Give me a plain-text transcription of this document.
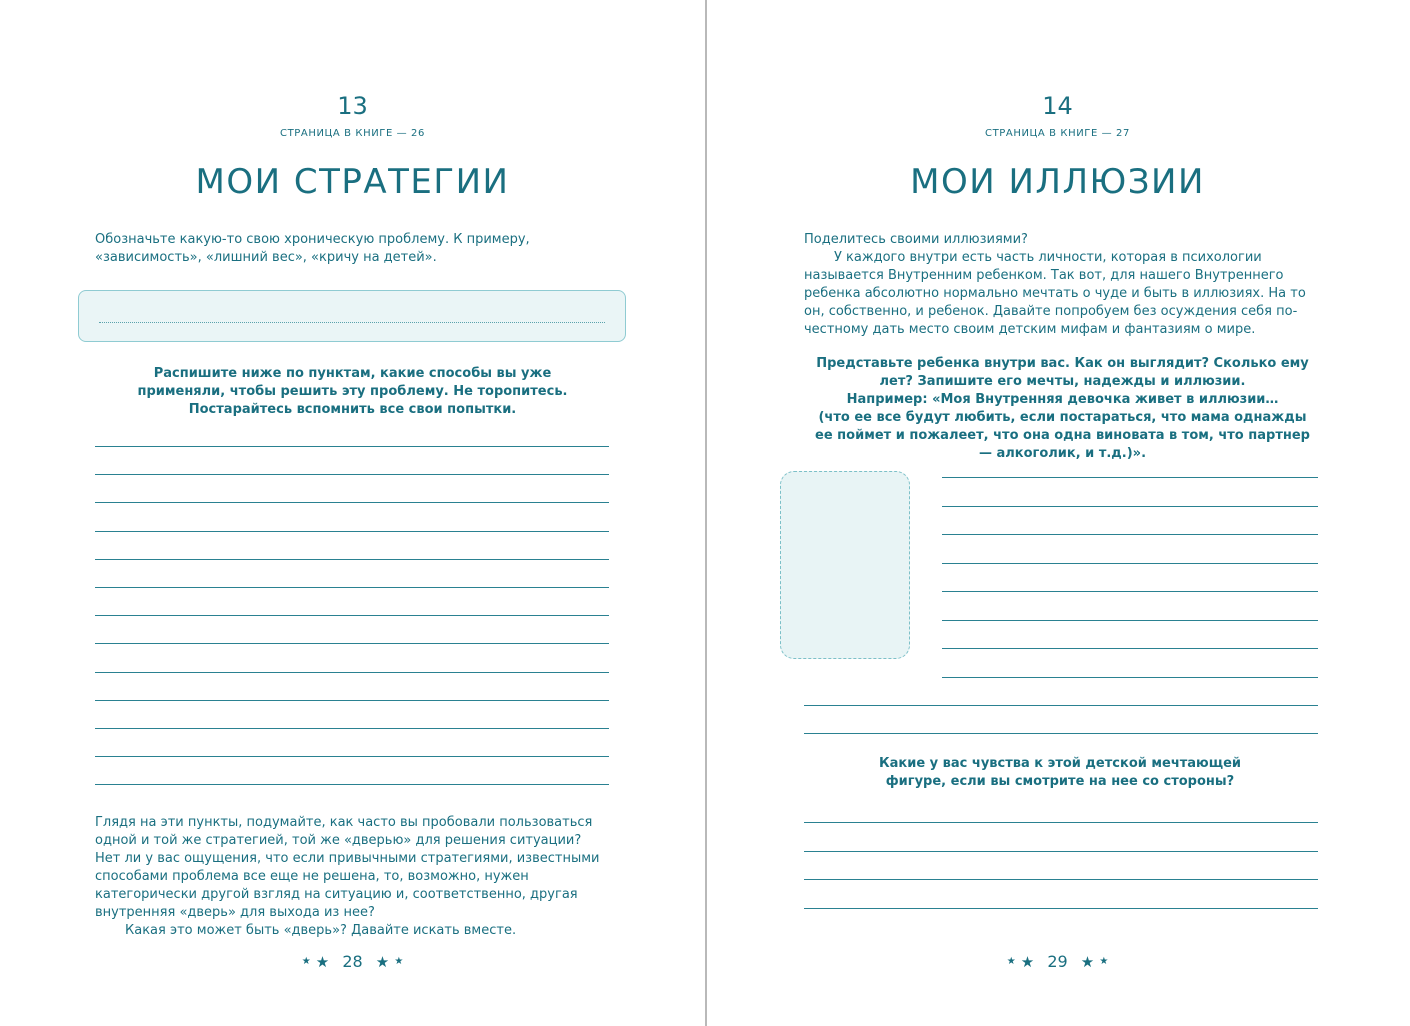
13
СТРАНИЦА В КНИГЕ — 26
МОИ СТРАТЕГИИ

Обозначьте какую-то свою хроническую проблему. К примеру, «зависимость», «лишний вес», «кричу на детей».

Распишите ниже по пунктам, какие способы вы уже применяли, чтобы решить эту проблему. Не торопитесь. Постарайтесь вспомнить все свои попытки.

Глядя на эти пункты, подумайте, как часто вы пробовали пользоваться одной и той же стратегией, той же «дверью» для решения ситуации? Нет ли у вас ощущения, что если привычными стратегиями, известными способами проблема все еще не решена, то, возможно, нужен категорически другой взгляд на ситуацию и, соответственно, другая внутренняя «дверь» для выхода из нее?

Какая это может быть «дверь»? Давайте искать вместе.

★ ★ 28 ★ ★
14
СТРАНИЦА В КНИГЕ — 27
МОИ ИЛЛЮЗИИ

Поделитесь своими иллюзиями?

У каждого внутри есть часть личности, которая в психологии называется Внутренним ребенком. Так вот, для нашего Внутреннего ребенка абсолютно нормально мечтать о чуде и быть в иллюзиях. На то он, собственно, и ребенок. Давайте попробуем без осуждения себя по-честному дать место своим детским мифам и фантазиям о мире.

Представьте ребенка внутри вас. Как он выглядит? Сколько ему лет? Запишите его мечты, надежды и иллюзии.

Например: «Моя Внутренняя девочка живет в иллюзии…

(что ее все будут любить, если постараться, что мама однажды ее поймет и пожалеет, что она одна виновата в том, что партнер — алкоголик, и т.д.)».

Какие у вас чувства к этой детской мечтающей фигуре, если вы смотрите на нее со стороны?
★ ★ 29 ★ ★
